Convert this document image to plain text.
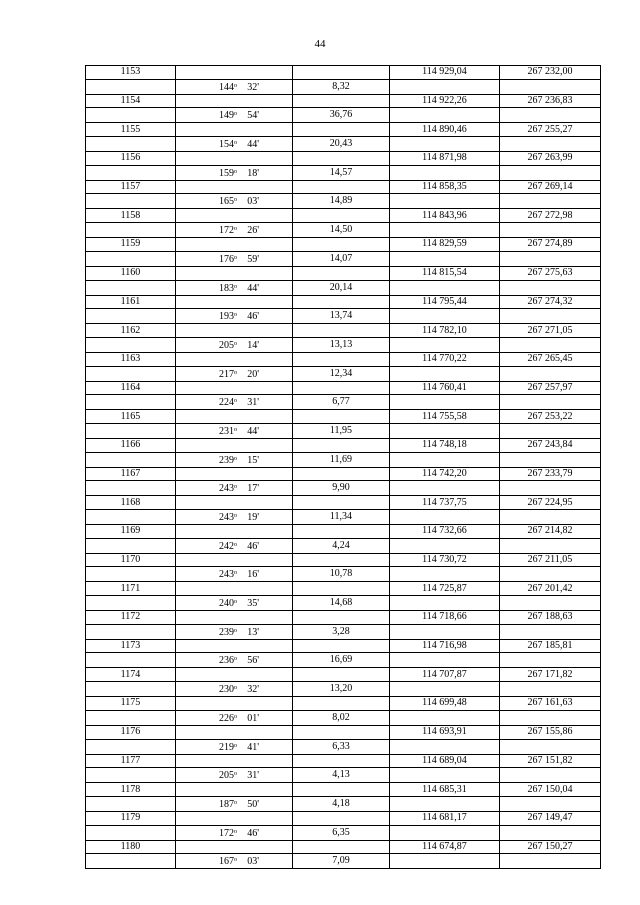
44
1153			114 929,04	267 232,00
	144$^o$ 32'	8,32		
1154			114 922,26	267 236,83
	149$^o$ 54'	36,76		
1155			114 890,46	267 255,27
	154$^o$ 44'	20,43		
1156			114 871,98	267 263,99
	159$^o$ 18'	14,57		
1157			114 858,35	267 269,14
	165$^o$ 03'	14,89		
1158			114 843,96	267 272,98
	172$^o$ 26'	14,50		
1159			114 829,59	267 274,89
	176$^o$ 59'	14,07		
1160			114 815,54	267 275,63
	183$^o$ 44'	20,14		
1161			114 795,44	267 274,32
	193$^o$ 46'	13,74		
1162			114 782,10	267 271,05
	205$^o$ 14'	13,13		
1163			114 770,22	267 265,45
	217$^o$ 20'	12,34		
1164			114 760,41	267 257,97
	224$^o$ 31'	6,77		
1165			114 755,58	267 253,22
	231$^o$ 44'	11,95		
1166			114 748,18	267 243,84
	239$^o$ 15'	11,69		
1167			114 742,20	267 233,79
	243$^o$ 17'	9,90		
1168			114 737,75	267 224,95
	243$^o$ 19'	11,34		
1169			114 732,66	267 214,82
	242$^o$ 46'	4,24		
1170			114 730,72	267 211,05
	243$^o$ 16'	10,78		
1171			114 725,87	267 201,42
	240$^o$ 35'	14,68		
1172			114 718,66	267 188,63
	239$^o$ 13'	3,28		
1173			114 716,98	267 185,81
	236$^o$ 56'	16,69		
1174			114 707,87	267 171,82
	230$^o$ 32'	13,20		
1175			114 699,48	267 161,63
	226$^o$ 01'	8,02		
1176			114 693,91	267 155,86
	219$^o$ 41'	6,33		
1177			114 689,04	267 151,82
	205$^o$ 31'	4,13		
1178			114 685,31	267 150,04
	187$^o$ 50'	4,18		
1179			114 681,17	267 149,47
	172$^o$ 46'	6,35		
1180			114 674,87	267 150,27
	167$^o$ 03'	7,09		
